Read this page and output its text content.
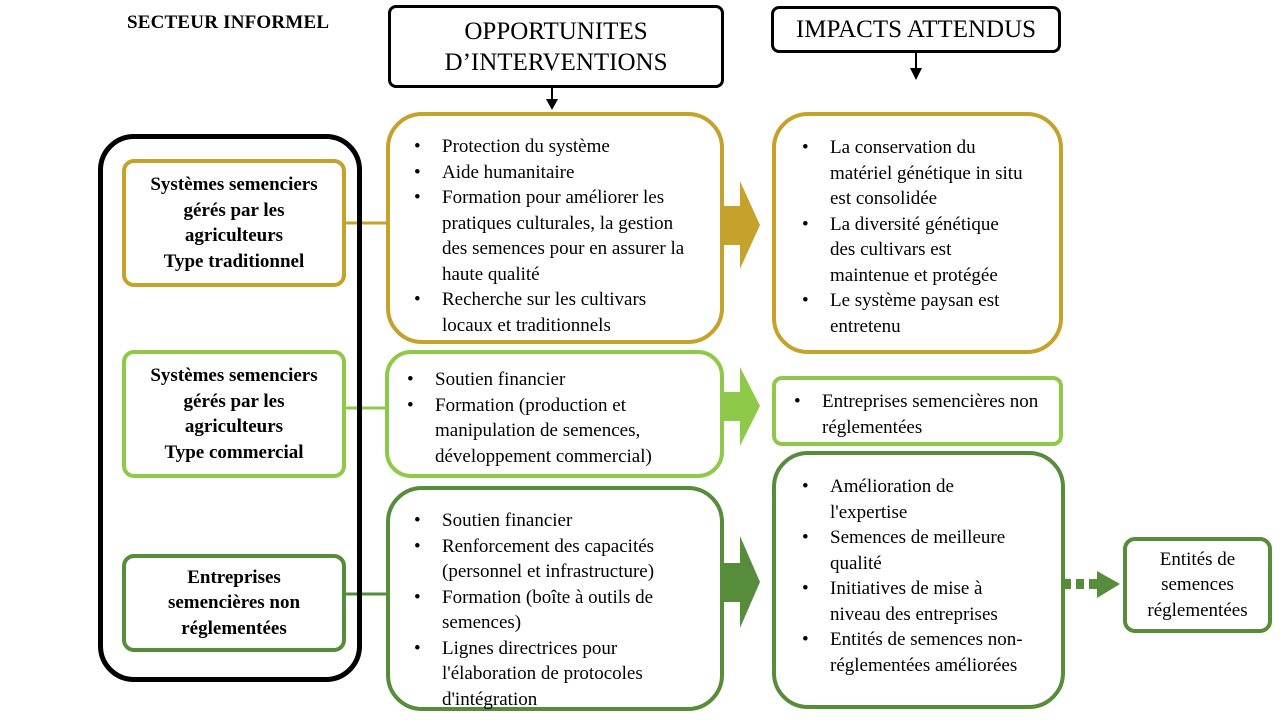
SECTEUR INFORMEL	OPPORTUNITES
D’INTERVENTIONS
IMPACTS ATTENDUS
Systèmes semenciers
gérés par les
agriculteurs
Type traditionnel
Systèmes semenciers
gérés par les
agriculteurs
Type commercial
Entreprises
semencières non
réglementées
• Protection du système
• Aide humanitaire
• Formation pour améliorer les pratiques culturales, la gestion des semences pour en assurer la haute qualité
• Recherche sur les cultivars locaux et traditionnels
• Soutien financier
• Formation (production et manipulation de semences, développement commercial)
• Soutien financier
• Renforcement des capacités (personnel et infrastructure)
• Formation (boîte à outils de semences)
• Lignes directrices pour l'élaboration de protocoles d'intégration
• La conservation du matériel génétique in situ est consolidée
• La diversité génétique des cultivars est maintenue et protégée
• Le système paysan est entretenu
• Entreprises semencières non réglementées
• Amélioration de l'expertise
• Semences de meilleure qualité
• Initiatives de mise à niveau des entreprises
• Entités de semences non-réglementées améliorées
Entités de
semences
réglementées
